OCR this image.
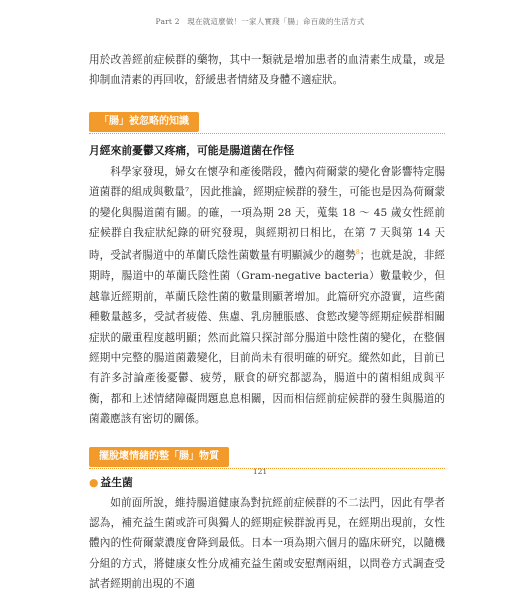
Part 2　現在就這麼做！一家人實踐「腸」命百歲的生活方式

用於改善經前症候群的藥物，其中一類就是增加患者的血清素生成量，或是抑制血清素的再回收，舒緩患者情緒及身體不適症狀。

「腸」被忽略的知識
月經來前憂鬱又疼痛，可能是腸道菌在作怪

科學家發現，婦女在懷孕和產後階段，體內荷爾蒙的變化會影響特定腸道菌群的組成與數量⁷，因此推論，經期症候群的發生，可能也是因為荷爾蒙的變化與腸道菌有關。的確，一項為期 28 天，蒐集 18 ～ 45 歲女性經前症候群自我症狀紀錄的研究發現，與經期初日相比，在第 7 天與第 14 天時，受試者腸道中的革蘭氏陰性菌數量有明顯減少的趨勢$^8$；也就是說，非經期時，腸道中的革蘭氏陰性菌（Gram-negative bacteria）數量較少，但越靠近經期前，革蘭氏陰性菌的數量則顯著增加。此篇研究亦證實，這些菌種數量越多，受試者疲倦、焦慮、乳房腫脹感、食慾改變等經期症候群相關症狀的嚴重程度越明顯；然而此篇只探討部分腸道中陰性菌的變化，在整個經期中完整的腸道菌叢變化，目前尚未有很明確的研究。縱然如此，目前已有許多討論產後憂鬱、疲勞，厭食的研究都認為，腸道中的菌相組成與平衡，都和上述情緒障礙問題息息相關，因而相信經前症候群的發生與腸道的菌叢應該有密切的關係。

擺脫壞情緒的整「腸」物質
● 益生菌

如前面所說，維持腸道健康為對抗經前症候群的不二法門，因此有學者認為，補充益生菌或許可與獨人的經期症候群說再見，在經期出現前，女性體內的性荷爾蒙濃度會降到最低。日本一項為期六個月的臨床研究，以隨機分組的方式，將健康女性分成補充益生菌或安慰劑兩組，以問卷方式調查受試者經期前出現的不適

121
